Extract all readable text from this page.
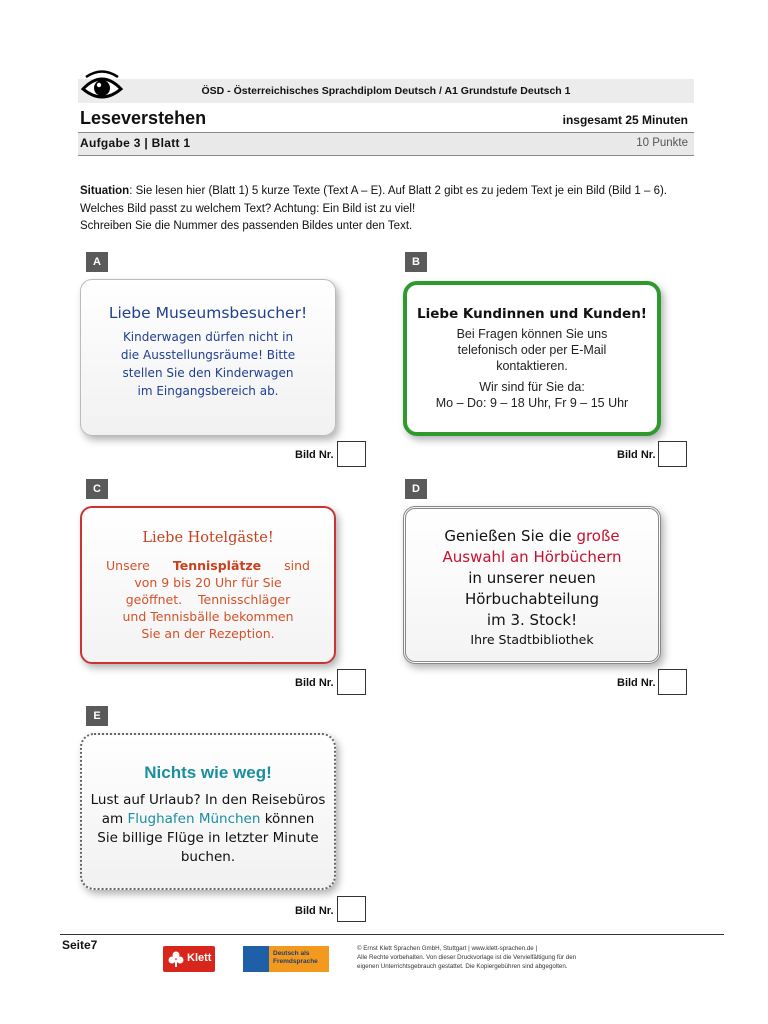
ÖSD - Österreichisches Sprachdiplom Deutsch / A1 Grundstufe Deutsch 1
Leseverstehen	insgesamt 25 Minuten
Aufgabe 3 | Blatt 1	10 Punkte
Situation: Sie lesen hier (Blatt 1) 5 kurze Texte (Text A – E). Auf Blatt 2 gibt es zu jedem Text je ein Bild (Bild 1 – 6).
Welches Bild passt zu welchem Text? Achtung: Ein Bild ist zu viel!
Schreiben Sie die Nummer des passenden Bildes unter den Text.
A
Liebe Museumsbesucher!
Kinderwagen dürfen nicht in
die Ausstellungsräume! Bitte
stellen Sie den Kinderwagen
im Eingangsbereich ab.
Bild Nr.
B
Liebe Kundinnen und Kunden!
Bei Fragen können Sie uns
telefonisch oder per E-Mail
kontaktieren.
Wir sind für Sie da:
Mo – Do: 9 – 18 Uhr, Fr 9 – 15 Uhr
Bild Nr.
C
Liebe Hotelgäste!
Unsere Tennisplätze sind
von 9 bis 20 Uhr für Sie
geöffnet.    Tennisschläger
und Tennisbälle bekommen
Sie an der Rezeption.
Bild Nr.
D
Genießen Sie die große
Auswahl an Hörbüchern
in unserer neuen
Hörbuchabteilung
im 3. Stock!
Ihre Stadtbibliothek
Bild Nr.
E
Nichts wie weg!
Lust auf Urlaub? In den Reisebüros
am Flughafen München können
Sie billige Flüge in letzter Minute
buchen.
Bild Nr.
Seite7
Klett	Deutsch als
Fremdsprache
© Ernst Klett Sprachen GmbH, Stuttgart | www.klett-sprachen.de |
Alle Rechte vorbehalten. Von dieser Druckvorlage ist die Vervielfältigung für den
eigenen Unterrichtsgebrauch gestattet. Die Kopiergebühren sind abgegolten.
